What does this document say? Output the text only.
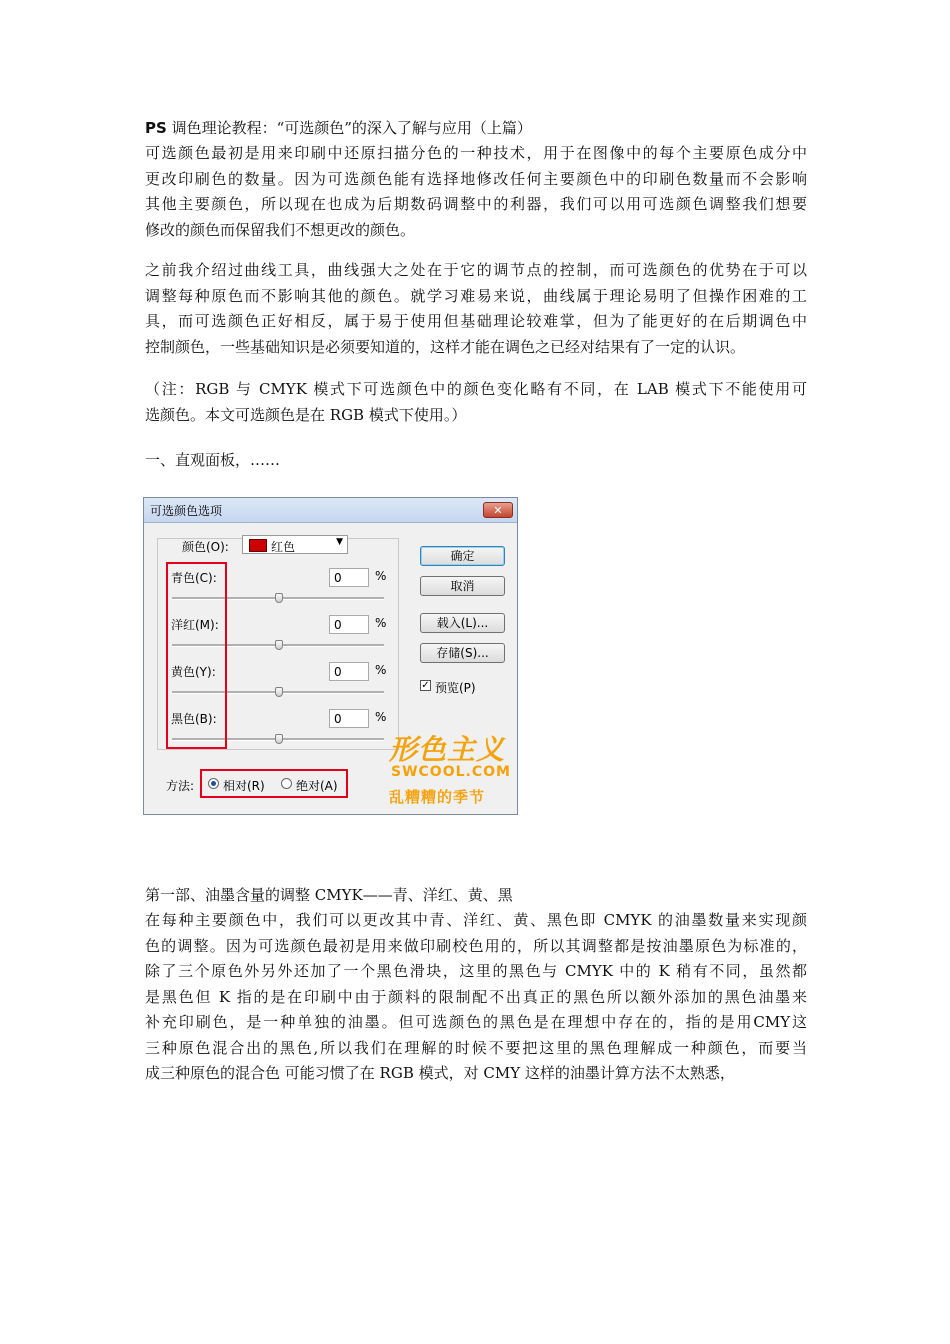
PS 调色理论教程：“可选颜色”的深入了解与应用（上篇）
可选颜色最初是用来印刷中还原扫描分色的一种技术，用于在图像中的每个主要原色成分中
更改印刷色的数量。因为可选颜色能有选择地修改任何主要颜色中的印刷色数量而不会影响
其他主要颜色，所以现在也成为后期数码调整中的利器，我们可以用可选颜色调整我们想要
修改的颜色而保留我们不想更改的颜色。
之前我介绍过曲线工具，曲线强大之处在于它的调节点的控制，而可选颜色的优势在于可以
调整每种原色而不影响其他的颜色。就学习难易来说，曲线属于理论易明了但操作困难的工
具，而可选颜色正好相反，属于易于使用但基础理论较难掌，但为了能更好的在后期调色中
控制颜色，一些基础知识是必须要知道的，这样才能在调色之已经对结果有了一定的认识。
（注：RGB 与 CMYK 模式下可选颜色中的颜色变化略有不同，在 LAB 模式下不能使用可
选颜色。本文可选颜色是在 RGB 模式下使用。）
一、直观面板，……
第一部、油墨含量的调整 CMYK——青、洋红、黄、黑
在每种主要颜色中，我们可以更改其中青、洋红、黄、黑色即 CMYK 的油墨数量来实现颜
色的调整。因为可选颜色最初是用来做印刷校色用的，所以其调整都是按油墨原色为标准的，
除了三个原色外另外还加了一个黑色滑块，这里的黑色与 CMYK 中的 K 稍有不同，虽然都
是黑色但 K 指的是在印刷中由于颜料的限制配不出真正的黑色所以额外添加的黑色油墨来
补充印刷色，是一种单独的油墨。但可选颜色的黑色是在理想中存在的，指的是用CMY这
三种原色混合出的黑色,所以我们在理解的时候不要把这里的黑色理解成一种颜色，而要当
成三种原色的混合色 可能习惯了在 RGB 模式，对 CMY 这样的油墨计算方法不太熟悉，
可选颜色选项	✕
颜色(O):	红色	▼
青色(C):	0	%
洋红(M):	0	%
黄色(Y):	0	%
黑色(B):	0	%
确定
取消
载入(L)...
存储(S)...
✓ 预览(P)
方法: 相对(R)	绝对(A)
形色主义
SWCOOL.COM
乱糟糟的季节
